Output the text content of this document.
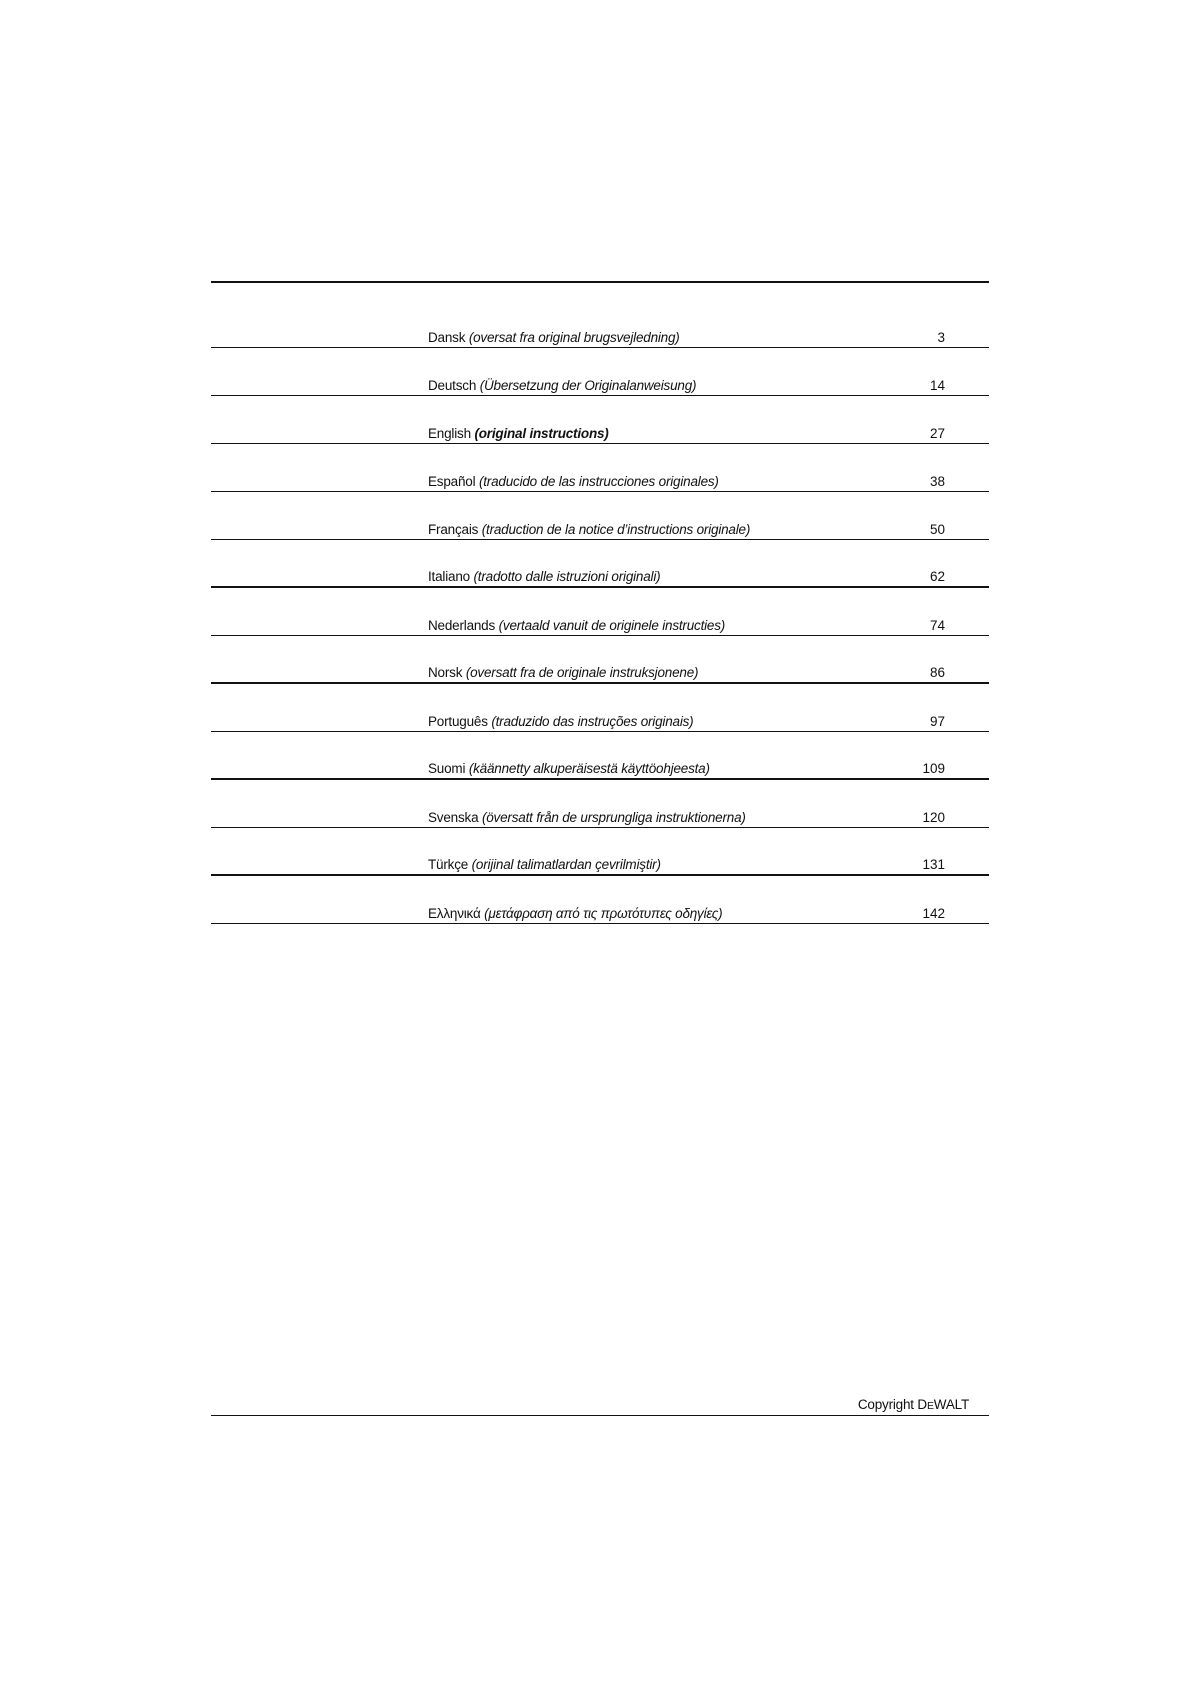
Dansk (oversat fra original brugsvejledning)	3
Deutsch (Übersetzung der Originalanweisung)	14
English (original instructions)	27
Español (traducido de las instrucciones originales)	38
Français (traduction de la notice d’instructions originale)	50
Italiano (tradotto dalle istruzioni originali)	62
Nederlands (vertaald vanuit de originele instructies)	74
Norsk (oversatt fra de originale instruksjonene)	86
Português (traduzido das instruções originais)	97
Suomi (käännetty alkuperäisestä käyttöohjeesta)	109
Svenska (översatt från de ursprungliga instruktionerna)	120
Türkçe (orijinal talimatlardan çevrilmiştir)	131
Ελληνικά (μετάφραση από τις πρωτότυπες οδηγίες)	142
Copyright DEWALT
